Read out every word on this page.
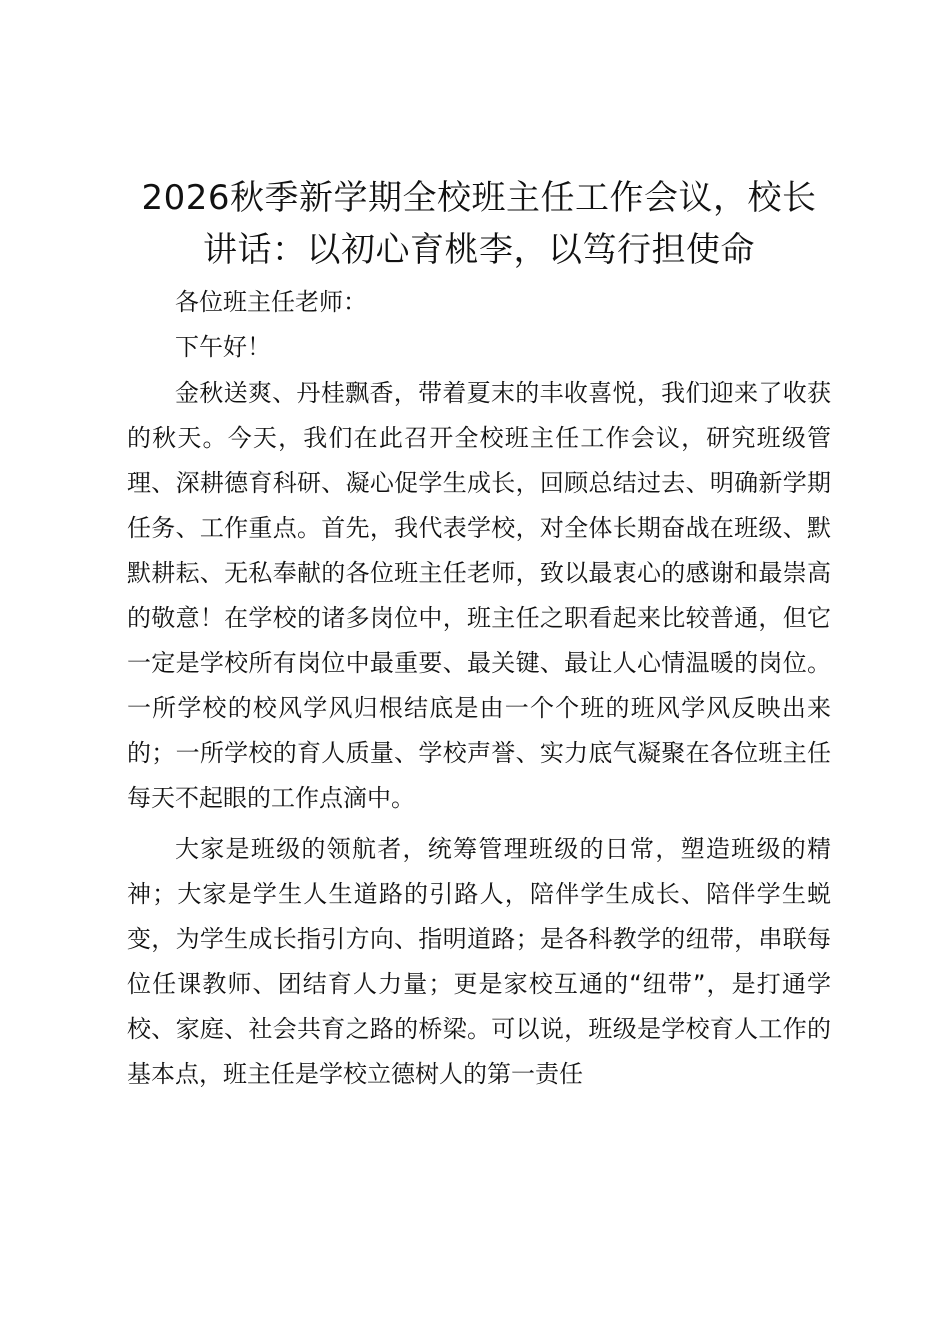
2026秋季新学期全校班主任工作会议，校长讲话：以初心育桃李，以笃行担使命

各位班主任老师：

下午好！

金秋送爽、丹桂飘香，带着夏末的丰收喜悦，我们迎来了收获的秋天。今天，我们在此召开全校班主任工作会议，研究班级管理、深耕德育科研、凝心促学生成长，回顾总结过去、明确新学期任务、工作重点。首先，我代表学校，对全体长期奋战在班级、默默耕耘、无私奉献的各位班主任老师，致以最衷心的感谢和最崇高的敬意！在学校的诸多岗位中，班主任之职看起来比较普通，但它一定是学校所有岗位中最重要、最关键、最让人心情温暖的岗位。一所学校的校风学风归根结底是由一个个班的班风学风反映出来的；一所学校的育人质量、学校声誉、实力底气凝聚在各位班主任每天不起眼的工作点滴中。

大家是班级的领航者，统筹管理班级的日常，塑造班级的精神；大家是学生人生道路的引路人，陪伴学生成长、陪伴学生蜕变，为学生成长指引方向、指明道路；是各科教学的纽带，串联每位任课教师、团结育人力量；更是家校互通的“纽带”，是打通学校、家庭、社会共育之路的桥梁。可以说，班级是学校育人工作的基本点，班主任是学校立德树人的第一责任
